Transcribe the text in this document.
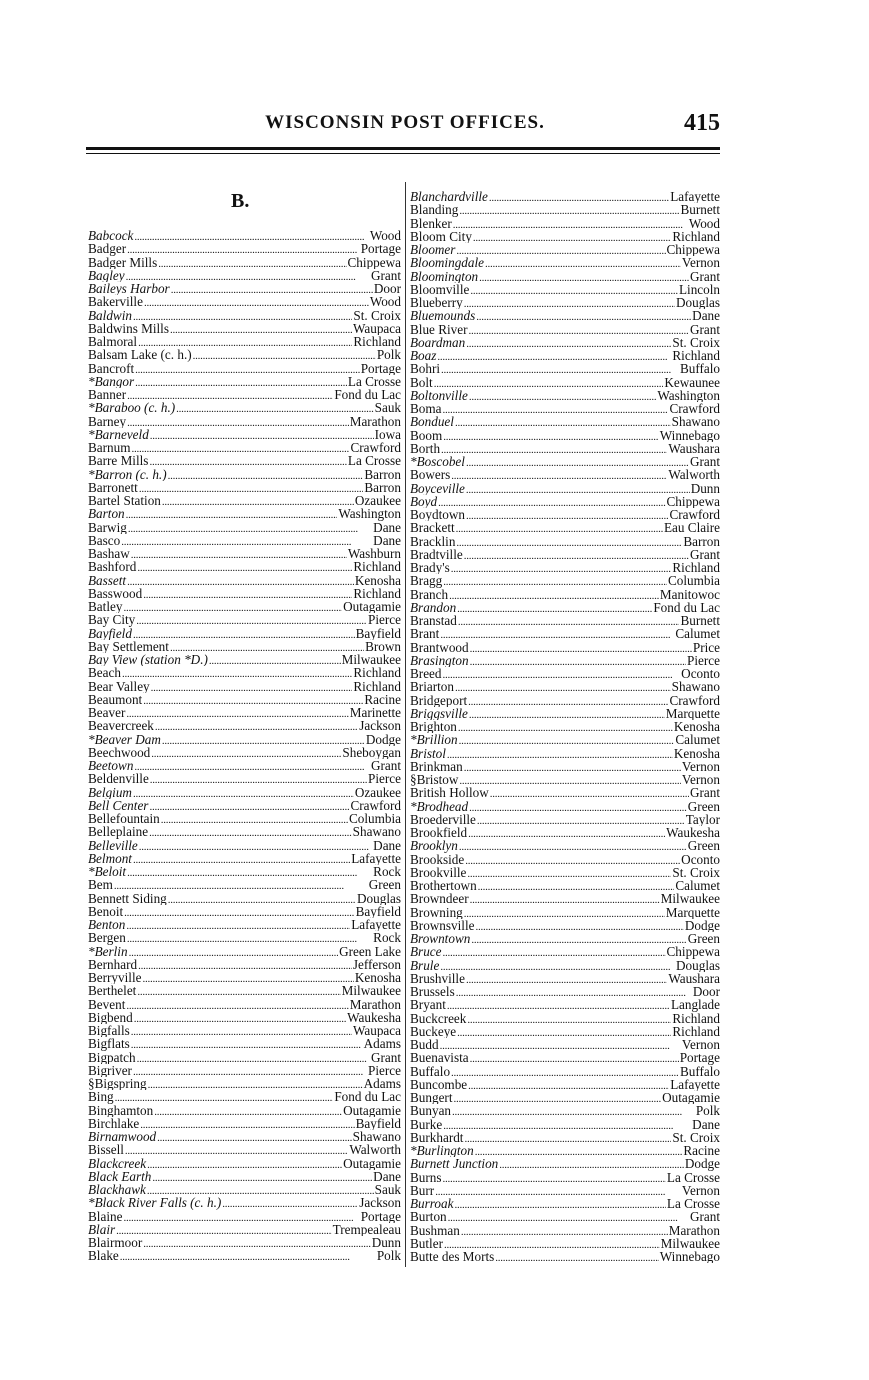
WISCONSIN POST OFFICES.	415
B.
Babcock . . .	Wood
Badger . . .	Portage
Badger Mills . . .	Chippewa
Bagley . . .	Grant
Baileys Harbor . . .	Door
Bakerville . . .	Wood
Baldwin . . .	St. Croix
Baldwins Mills . . .	Waupaca
Balmoral . . .	Richland
Balsam Lake (c. h.) . . .	Polk
Bancroft . . .	Portage
*Bangor . . .	La Crosse
Banner . . .	Fond du Lac
*Baraboo (c. h.) . . .	Sauk
Barney . . .	Marathon
*Barneveld . . .	Iowa
Barnum . . .	Crawford
Barre Mills . . .	La Crosse
*Barron (c. h.) . . .	Barron
Barronett . . .	Barron
Bartel Station . . .	Ozaukee
Barton . . .	Washington
Barwig . . .	Dane
Basco . . .	Dane
Bashaw . . .	Washburn
Bashford . . .	Richland
Bassett . . .	Kenosha
Basswood . . .	Richland
Batley . . .	Outagamie
Bay City . . .	Pierce
Bayfield . . .	Bayfield
Bay Settlement . . .	Brown
Bay View (station *D.) . . .	Milwaukee
Beach . . .	Richland
Bear Valley . . .	Richland
Beaumont . . .	Racine
Beaver . . .	Marinette
Beavercreek . . .	Jackson
*Beaver Dam . . .	Dodge
Beechwood . . .	Sheboygan
Beetown . . .	Grant
Beldenville . . .	Pierce
Belgium . . .	Ozaukee
Bell Center . . .	Crawford
Bellefountain . . .	Columbia
Belleplaine . . .	Shawano
Belleville . . .	Dane
Belmont . . .	Lafayette
*Beloit . . .	Rock
Bem . . .	Green
Bennett Siding . . .	Douglas
Benoit . . .	Bayfield
Benton . . .	Lafayette
Bergen . . .	Rock
*Berlin . . .	Green Lake
Bernhard . . .	Jefferson
Berryville . . .	Kenosha
Berthelet . . .	Milwaukee
Bevent . . .	Marathon
Bigbend . . .	Waukesha
Bigfalls . . .	Waupaca
Bigflats . . .	Adams
Bigpatch . . .	Grant
Bigriver . . .	Pierce
§Bigspring . . .	Adams
Bing . . .	Fond du Lac
Binghamton . . .	Outagamie
Birchlake . . .	Bayfield
Birnamwood . . .	Shawano
Bissell . . .	Walworth
Blackcreek . . .	Outagamie
Black Earth . . .	Dane
Blackhawk . . .	Sauk
*Black River Falls (c. h.) . . .	Jackson
Blaine . . .	Portage
Blair . . .	Trempealeau
Blairmoor . . .	Dunn
Blake . . .	Polk
Blanchardville . . .	Lafayette
Blanding . . .	Burnett
Blenker . . .	Wood
Bloom City . . .	Richland
Bloomer . . .	Chippewa
Bloomingdale . . .	Vernon
Bloomington . . .	Grant
Bloomville . . .	Lincoln
Blueberry . . .	Douglas
Bluemounds . . .	Dane
Blue River . . .	Grant
Boardman . . .	St. Croix
Boaz . . .	Richland
Bohri . . .	Buffalo
Bolt . . .	Kewaunee
Boltonville . . .	Washington
Boma . . .	Crawford
Bonduel . . .	Shawano
Boom . . .	Winnebago
Borth . . .	Waushara
*Boscobel . . .	Grant
Bowers . . .	Walworth
Boyceville . . .	Dunn
Boyd . . .	Chippewa
Boydtown . . .	Crawford
Brackett . . .	Eau Claire
Bracklin . . .	Barron
Bradtville . . .	Grant
Brady's . . .	Richland
Bragg . . .	Columbia
Branch . . .	Manitowoc
Brandon . . .	Fond du Lac
Branstad . . .	Burnett
Brant . . .	Calumet
Brantwood . . .	Price
Brasington . . .	Pierce
Breed . . .	Oconto
Briarton . . .	Shawano
Bridgeport . . .	Crawford
Briggsville . . .	Marquette
Brighton . . .	Kenosha
*Brillion . . .	Calumet
Bristol . . .	Kenosha
Brinkman . . .	Vernon
§Bristow . . .	Vernon
British Hollow . . .	Grant
*Brodhead . . .	Green
Broederville . . .	Taylor
Brookfield . . .	Waukesha
Brooklyn . . .	Green
Brookside . . .	Oconto
Brookville . . .	St. Croix
Brothertown . . .	Calumet
Browndeer . . .	Milwaukee
Browning . . .	Marquette
Brownsville . . .	Dodge
Browntown . . .	Green
Bruce . . .	Chippewa
Brule . . .	Douglas
Brushville . . .	Waushara
Brussels . . .	Door
Bryant . . .	Langlade
Buckcreek . . .	Richland
Buckeye . . .	Richland
Budd . . .	Vernon
Buenavista . . .	Portage
Buffalo . . .	Buffalo
Buncombe . . .	Lafayette
Bungert . . .	Outagamie
Bunyan . . .	Polk
Burke . . .	Dane
Burkhardt . . .	St. Croix
*Burlington . . .	Racine
Burnett Junction . . .	Dodge
Burns . . .	La Crosse
Burr . . .	Vernon
Burroak . . .	La Crosse
Burton . . .	Grant
Bushman . . .	Marathon
Butler . . .	Milwaukee
Butte des Morts . . .	Winnebago
